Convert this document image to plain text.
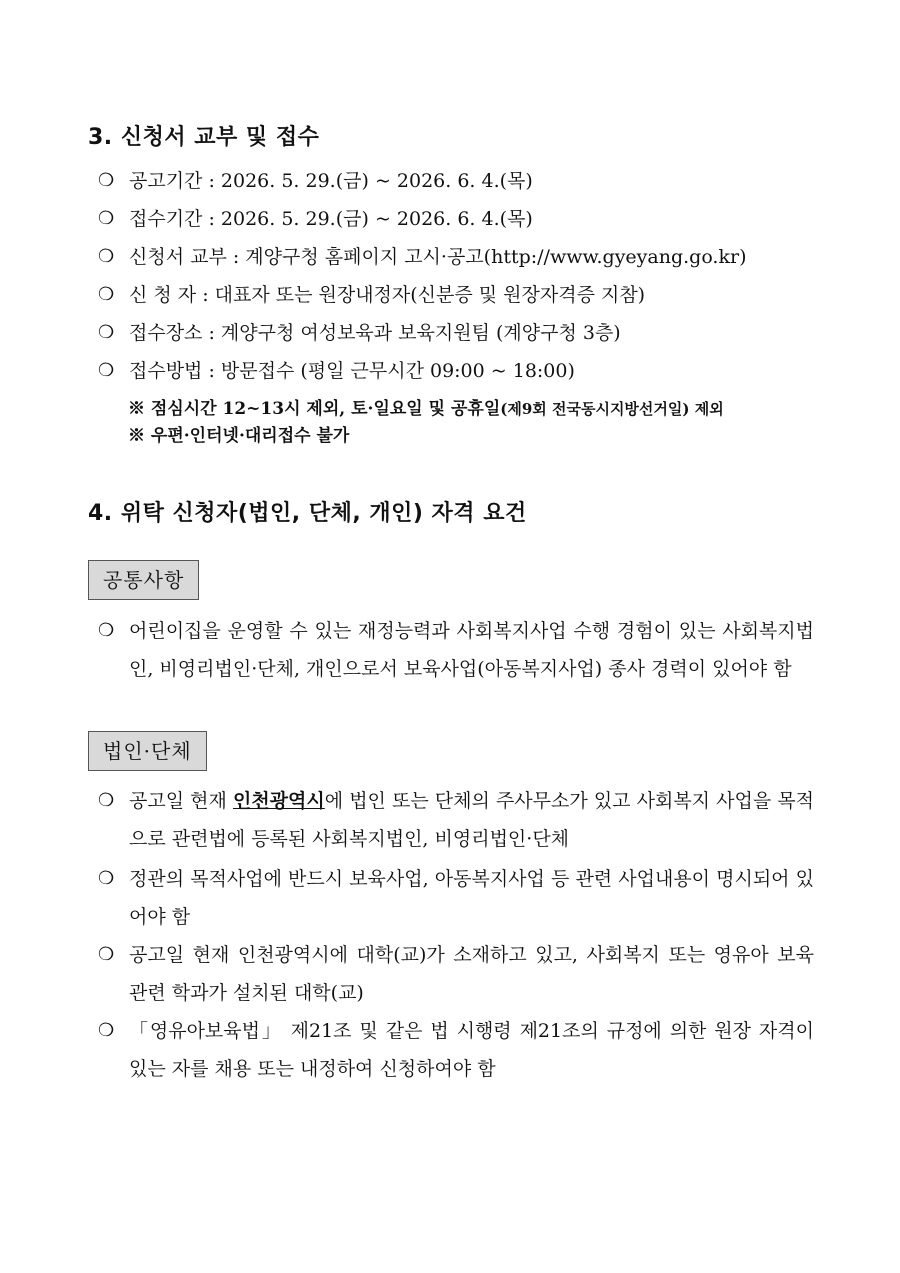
3. 신청서 교부 및 접수
❍ 공고기간 : 2026. 5. 29.(금) ~ 2026. 6. 4.(목)
❍ 접수기간 : 2026. 5. 29.(금) ~ 2026. 6. 4.(목)
❍ 신청서 교부 : 계양구청 홈페이지 고시·공고(http://www.gyeyang.go.kr)
❍ 신 청 자 : 대표자 또는 원장내정자(신분증 및 원장자격증 지참)
❍ 접수장소 : 계양구청 여성보육과 보육지원팀 (계양구청 3층)
❍ 접수방법 : 방문접수 (평일 근무시간 09:00 ~ 18:00)
※ 점심시간 12~13시 제외, 토·일요일 및 공휴일(제9회 전국동시지방선거일) 제외
※ 우편·인터넷·대리접수 불가
4. 위탁 신청자(법인, 단체, 개인) 자격 요건
공통사항
❍ 어린이집을 운영할 수 있는 재정능력과 사회복지사업 수행 경험이 있는 사회복지법인, 비영리법인·단체, 개인으로서 보육사업(아동복지사업) 종사 경력이 있어야 함
법인·단체
❍ 공고일 현재 인천광역시에 법인 또는 단체의 주사무소가 있고 사회복지 사업을 목적으로 관련법에 등록된 사회복지법인, 비영리법인·단체
❍ 정관의 목적사업에 반드시 보육사업, 아동복지사업 등 관련 사업내용이 명시되어 있어야 함
❍ 공고일 현재 인천광역시에 대학(교)가 소재하고 있고, 사회복지 또는 영유아 보육 관련 학과가 설치된 대학(교)
❍ 「영유아보육법」 제21조 및 같은 법 시행령 제21조의 규정에 의한 원장 자격이 있는 자를 채용 또는 내정하여 신청하여야 함
